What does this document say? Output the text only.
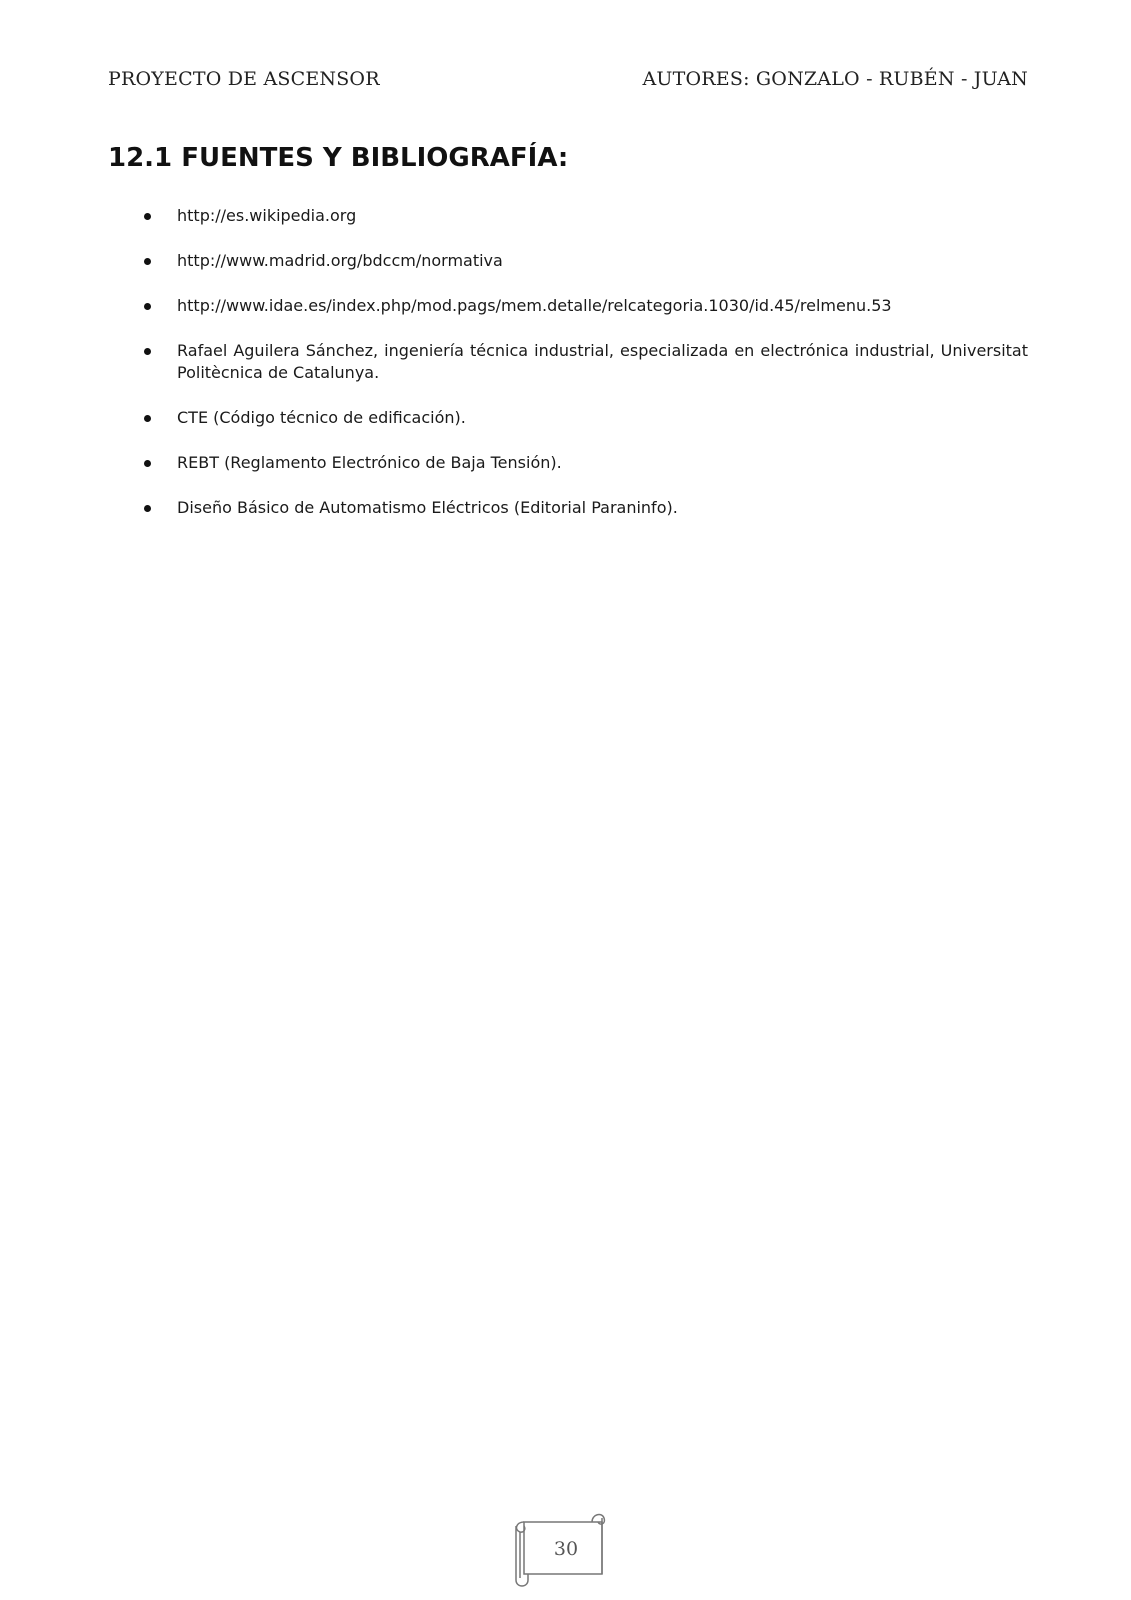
PROYECTO DE ASCENSOR	AUTORES: GONZALO - RUBÉN - JUAN
12.1 FUENTES Y BIBLIOGRAFÍA:
http://es.wikipedia.org
http://www.madrid.org/bdccm/normativa
http://www.idae.es/index.php/mod.pags/mem.detalle/relcategoria.1030/id.45/relmenu.53
Rafael Aguilera Sánchez, ingeniería técnica industrial, especializada en electrónica industrial, Universitat Politècnica de Catalunya.
CTE (Código técnico de edificación).
REBT (Reglamento Electrónico de Baja Tensión).
Diseño Básico de Automatismo Eléctricos (Editorial Paraninfo).
30
